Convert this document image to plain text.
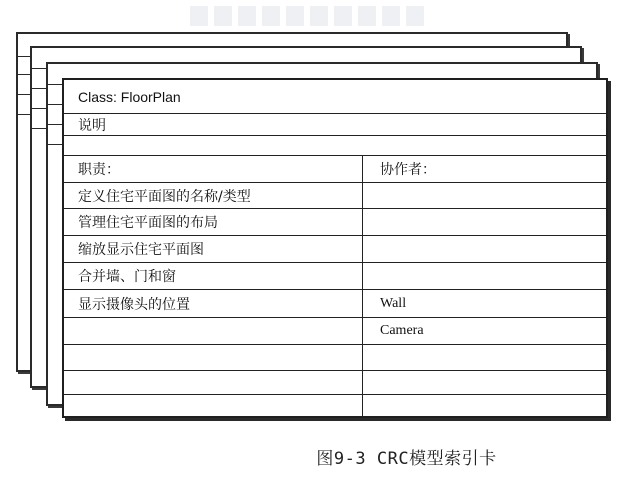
Class: FloorPlan
说明
职责：	协作者：
定义住宅平面图的名称/类型
管理住宅平面图的布局
缩放显示住宅平面图
合并墙、门和窗
显示摄像头的位置	Wall
Camera
图9-3 CRC模型索引卡
